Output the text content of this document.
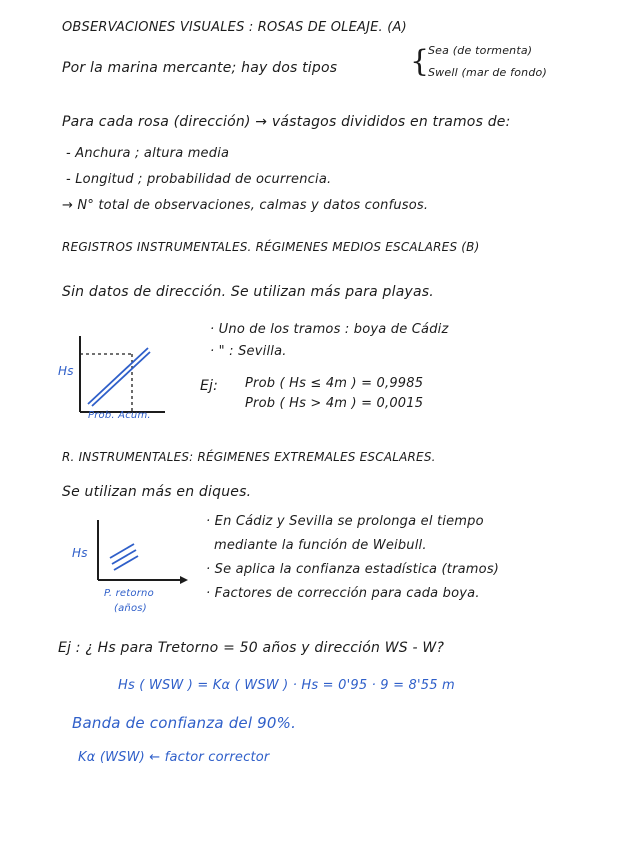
OBSERVACIONES VISUALES : ROSAS DE OLEAJE. (A)
Por la marina mercante; hay dos tipos {
Sea (de tormenta)
Swell (mar de fondo)
Para cada rosa (dirección) → vástagos divididos en tramos de:
- Anchura ; altura media
- Longitud ; probabilidad de ocurrencia.
→ N° total de observaciones, calmas y datos confusos.
REGISTROS INSTRUMENTALES. RÉGIMENES MEDIOS ESCALARES (B)
Sin datos de dirección. Se utilizan más para playas.
Hs
Prob. Acum.
· Uno de los tramos : boya de Cádiz
· " : Sevilla.
Ej: Prob ( Hs ≤ 4m ) = 0,9985
Prob ( Hs > 4m ) = 0,0015
R. INSTRUMENTALES: RÉGIMENES EXTREMALES ESCALARES.
Se utilizan más en diques.
Hs
P. retorno
(años)
· En Cádiz y Sevilla se prolonga el tiempo
mediante la función de Weibull.
· Se aplica la confianza estadística (tramos)
· Factores de corrección para cada boya.
Ej : ¿ Hs para Tretorno = 50 años y dirección WS - W?
Hs ( WSW ) = Kα ( WSW ) · Hs = 0'95 · 9 = 8'55 m
Banda de confianza del 90%.
Kα (WSW) ← factor corrector
